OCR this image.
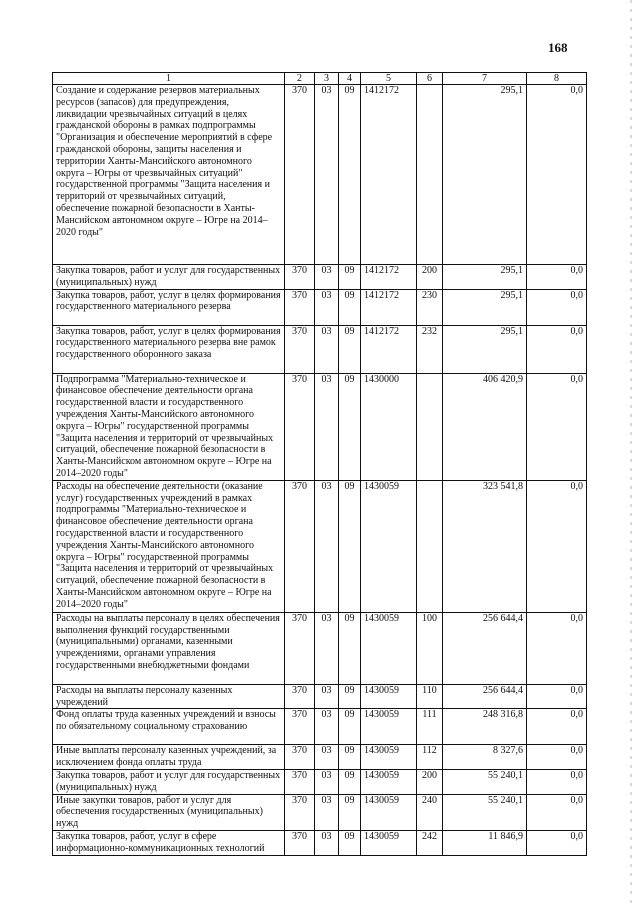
168
1	2	3	4	5	6	7	8
Создание и содержание резервов материальных ресурсов (запасов) для предупреждения, ликвидации чрезвычайных ситуаций в целях гражданской обороны в рамках подпрограммы "Организация и обеспечение мероприятий в сфере гражданской обороны, защиты населения и территории Ханты-Мансийского автономного округа – Югры от чрезвычайных ситуаций" государственной программы "Защита населения и территорий от чрезвычайных ситуаций, обеспечение пожарной безопасности в Ханты-Мансийском автономном округе – Югре на 2014–2020 годы"	370	03	09	1412172		295,1	0,0
Закупка товаров, работ и услуг для государственных (муниципальных) нужд	370	03	09	1412172	200	295,1	0,0
Закупка товаров, работ, услуг в целях формирования государственного материального резерва	370	03	09	1412172	230	295,1	0,0
Закупка товаров, работ, услуг в целях формирования государственного материального резерва вне рамок государственного оборонного заказа	370	03	09	1412172	232	295,1	0,0
Подпрограмма "Материально-техническое и финансовое обеспечение деятельности органа государственной власти и государственного учреждения Ханты-Мансийского автономного округа – Югры" государственной программы "Защита населения и территорий от чрезвычайных ситуаций, обеспечение пожарной безопасности в Ханты-Мансийском автономном округе – Югре на 2014–2020 годы"	370	03	09	1430000		406 420,9	0,0
Расходы на обеспечение деятельности (оказание услуг) государственных учреждений в рамках подпрограммы "Материально-техническое и финансовое обеспечение деятельности органа государственной власти и государственного учреждения Ханты-Мансийского автономного округа – Югры" государственной программы "Защита населения и территорий от чрезвычайных ситуаций, обеспечение пожарной безопасности в Ханты-Мансийском автономном округе – Югре на 2014–2020 годы"	370	03	09	1430059		323 541,8	0,0
Расходы на выплаты персоналу в целях обеспечения выполнения функций государственными (муниципальными) органами, казенными учреждениями, органами управления государственными внебюджетными фондами	370	03	09	1430059	100	256 644,4	0,0
Расходы на выплаты персоналу казенных учреждений	370	03	09	1430059	110	256 644,4	0,0
Фонд оплаты труда казенных учреждений и взносы по обязательному социальному страхованию	370	03	09	1430059	111	248 316,8	0,0
Иные выплаты персоналу казенных учреждений, за исключением фонда оплаты труда	370	03	09	1430059	112	8 327,6	0,0
Закупка товаров, работ и услуг для государственных (муниципальных) нужд	370	03	09	1430059	200	55 240,1	0,0
Иные закупки товаров, работ и услуг для обеспечения государственных (муниципальных) нужд	370	03	09	1430059	240	55 240,1	0,0
Закупка товаров, работ, услуг в сфере информационно-коммуникационных технологий	370	03	09	1430059	242	11 846,9	0,0
